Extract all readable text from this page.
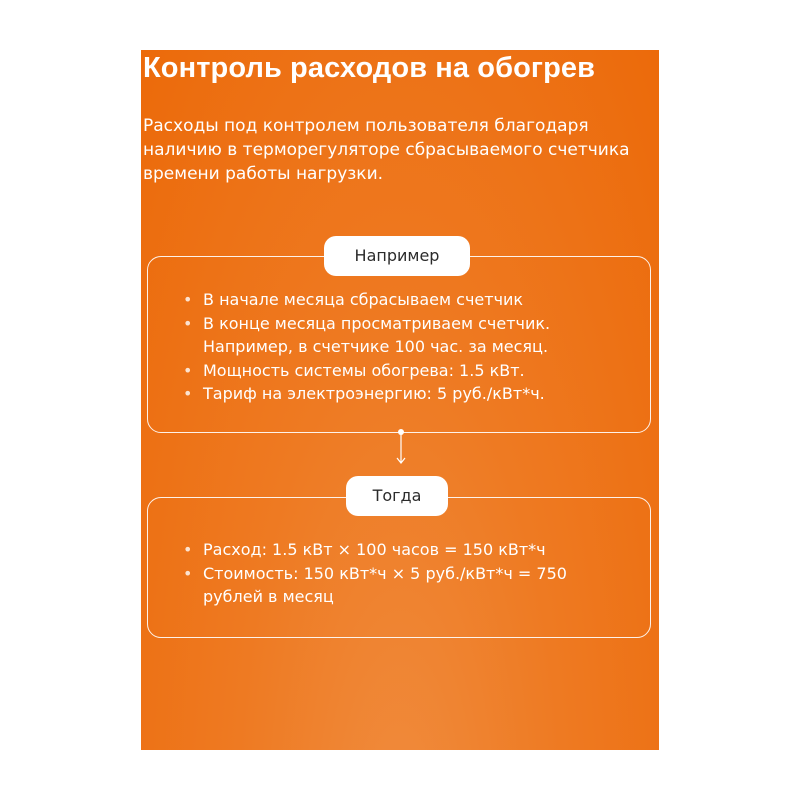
Контроль расходов на обогрев

Расходы под контролем пользователя благодаря наличию в терморегуляторе сбрасываемого счетчика времени работы нагрузки.

Например
• В начале месяца сбрасываем счетчик
• В конце месяца просматриваем счетчик. Например, в счетчике 100 час. за месяц.
• Мощность системы обогрева: 1.5 кВт.
• Тариф на электроэнергию: 5 руб./кВт*ч.
Тогда
• Расход: 1.5 кВт × 100 часов = 150 кВт*ч
• Стоимость: 150 кВт*ч × 5 руб./кВт*ч = 750 рублей в месяц
